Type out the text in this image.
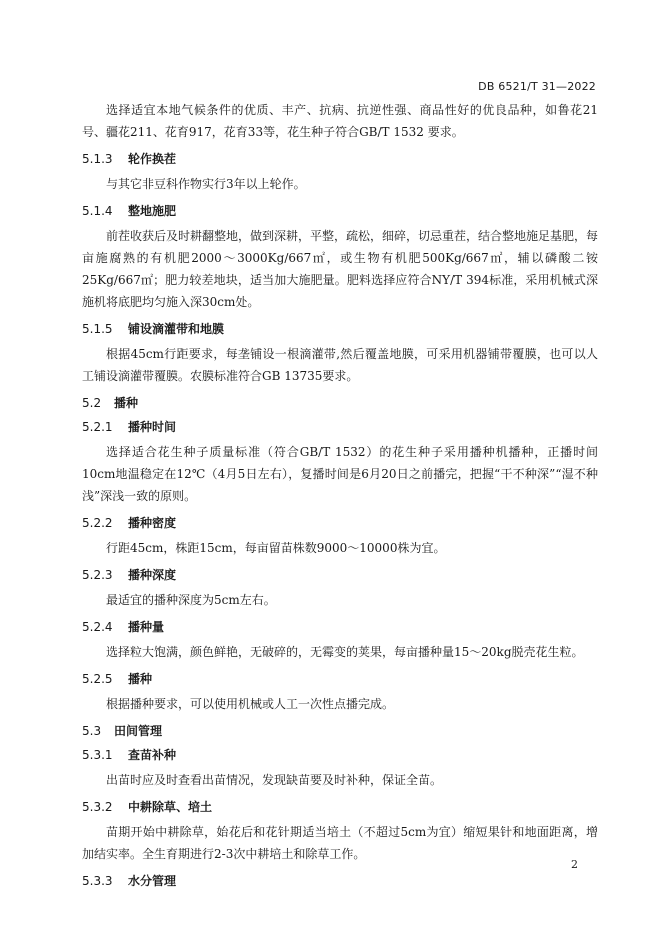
DB 6521/T 31—2022

选择适宜本地气候条件的优质、丰产、抗病、抗逆性强、商品性好的优良品种，如鲁花21号、疆花211、花育917，花育33等，花生种子符合GB/T 1532 要求。

5.1.3 轮作换茬

与其它非豆科作物实行3年以上轮作。

5.1.4 整地施肥

前茬收获后及时耕翻整地，做到深耕，平整，疏松，细碎，切忌重茬，结合整地施足基肥，每亩施腐熟的有机肥2000～3000Kg/667㎡，或生物有机肥500Kg/667㎡，辅以磷酸二铵25Kg/667㎡；肥力较差地块，适当加大施肥量。肥料选择应符合NY/T 394标准，采用机械式深施机将底肥均匀施入深30cm处。

5.1.5 铺设滴灌带和地膜

根据45cm行距要求，每垄铺设一根滴灌带,然后覆盖地膜，可采用机器铺带覆膜，也可以人工铺设滴灌带覆膜。农膜标准符合GB 13735要求。

5.2 播种
5.2.1 播种时间

选择适合花生种子质量标准（符合GB/T 1532）的花生种子采用播种机播种，正播时间10cm地温稳定在12℃（4月5日左右），复播时间是6月20日之前播完，把握“干不种深”“湿不种浅”深浅一致的原则。

5.2.2 播种密度

行距45cm，株距15cm，每亩留苗株数9000～10000株为宜。

5.2.3 播种深度

最适宜的播种深度为5cm左右。

5.2.4 播种量

选择粒大饱满，颜色鲜艳，无破碎的，无霉变的荚果，每亩播种量15～20kg脱壳花生粒。

5.2.5 播种

根据播种要求，可以使用机械或人工一次性点播完成。

5.3 田间管理
5.3.1 查苗补种

出苗时应及时查看出苗情况，发现缺苗要及时补种，保证全苗。

5.3.2 中耕除草、培土

苗期开始中耕除草，始花后和花针期适当培土（不超过5cm为宜）缩短果针和地面距离，增加结实率。全生育期进行2-3次中耕培土和除草工作。

5.3.3 水分管理
2
